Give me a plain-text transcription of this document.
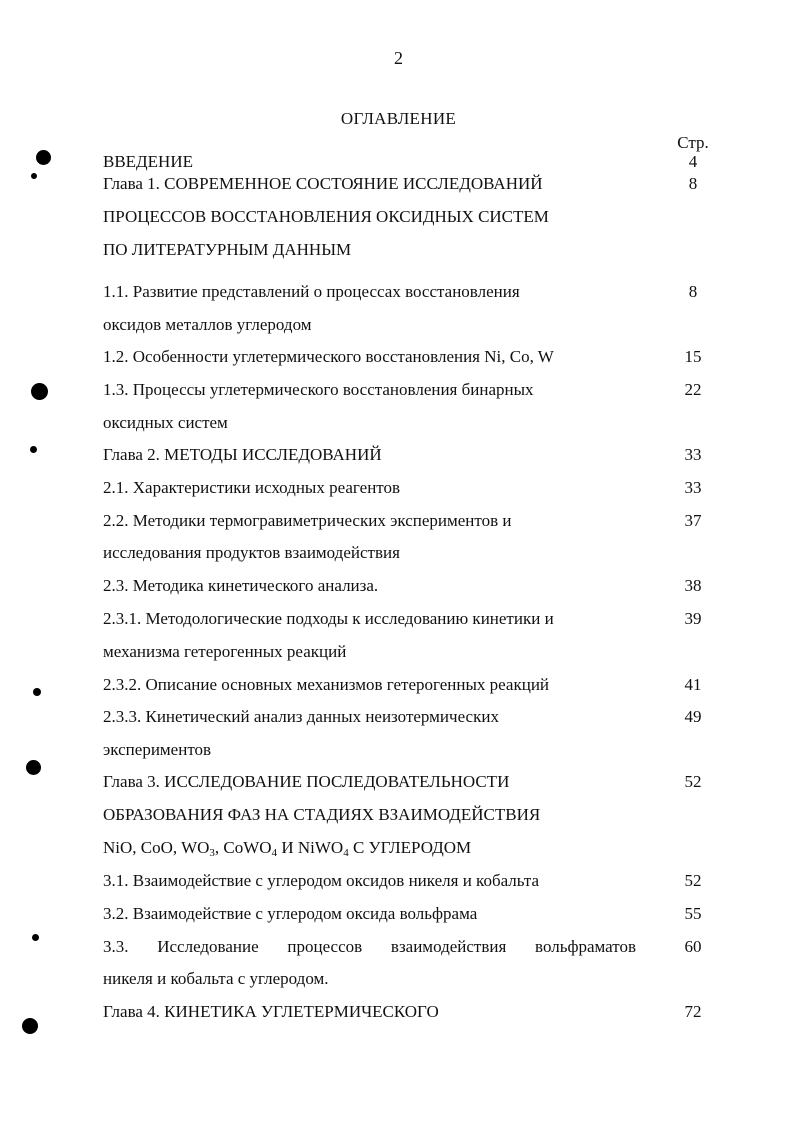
2
ОГЛАВЛЕНИЕ
Стр.
ВВЕДЕНИЕ	4
Глава 1. СОВРЕМЕННОЕ СОСТОЯНИЕ ИССЛЕДОВАНИЙ	8
ПРОЦЕССОВ ВОССТАНОВЛЕНИЯ ОКСИДНЫХ СИСТЕМ
ПО ЛИТЕРАТУРНЫМ ДАННЫМ
1.1. Развитие представлений о процессах восстановления	8
оксидов металлов углеродом
1.2. Особенности углетермического восстановления Ni, Co, W	15
1.3. Процессы углетермического восстановления бинарных	22
оксидных систем
Глава 2. МЕТОДЫ ИССЛЕДОВАНИЙ	33
2.1. Характеристики исходных реагентов	33
2.2. Методики термогравиметрических экспериментов и	37
исследования продуктов взаимодействия
2.3. Методика кинетического анализа.	38
2.3.1. Методологические подходы к исследованию кинетики и	39
механизма гетерогенных реакций
2.3.2. Описание основных механизмов гетерогенных реакций	41
2.3.3. Кинетический анализ данных неизотермических	49
экспериментов
Глава 3. ИССЛЕДОВАНИЕ ПОСЛЕДОВАТЕЛЬНОСТИ	52
ОБРАЗОВАНИЯ ФАЗ НА СТАДИЯХ ВЗАИМОДЕЙСТВИЯ
NiO, CoO, $WO_3$, CoWO$_4$ И NiWO$_4$ С УГЛЕРОДОМ
3.1. Взаимодействие с углеродом оксидов никеля и кобальта	52
3.2. Взаимодействие с углеродом оксида вольфрама	55
3.3. Исследование процессов взаимодействия вольфраматов	60
никеля и кобальта с углеродом.
Глава 4. КИНЕТИКА УГЛЕТЕРМИЧЕСКОГО	72
